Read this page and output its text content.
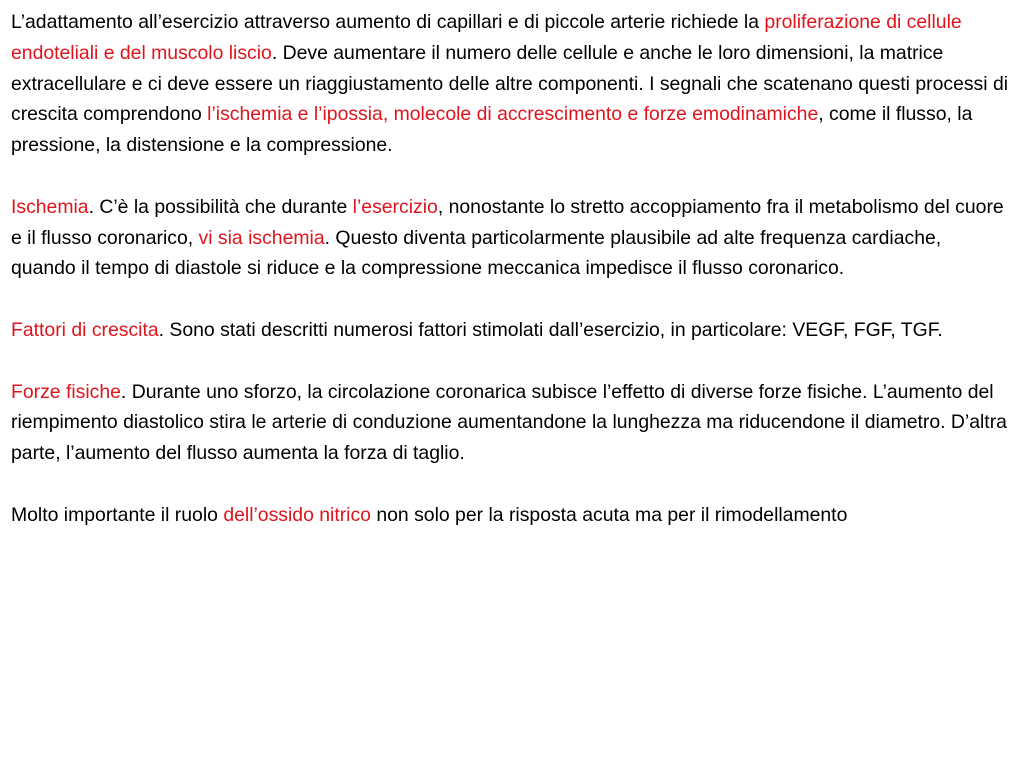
L’adattamento all’esercizio attraverso aumento di capillari e di piccole arterie richiede la proliferazione di cellule endoteliali e del muscolo liscio. Deve aumentare il numero delle cellule e anche le loro dimensioni, la matrice extracellulare e ci deve essere un riaggiustamento delle altre componenti. I segnali che scatenano questi processi di crescita comprendono l’ischemia e l’ipossia, molecole di accrescimento e forze emodinamiche, come il flusso, la pressione, la distensione e la compressione.

Ischemia. C’è la possibilità che durante l’esercizio, nonostante lo stretto accoppiamento fra il metabolismo del cuore e il flusso coronarico, vi sia ischemia. Questo diventa particolarmente plausibile ad alte frequenza cardiache, quando il tempo di diastole si riduce e la compressione meccanica impedisce il flusso coronarico.

Fattori di crescita. Sono stati descritti numerosi fattori stimolati dall’esercizio, in particolare: VEGF, FGF, TGF.

Forze fisiche. Durante uno sforzo, la circolazione coronarica subisce l’effetto di diverse forze fisiche. L’aumento del riempimento diastolico stira le arterie di conduzione aumentandone la lunghezza ma riducendone il diametro. D’altra parte, l’aumento del flusso aumenta la forza di taglio.

Molto importante il ruolo dell’ossido nitrico non solo per la risposta acuta ma per il rimodellamento
